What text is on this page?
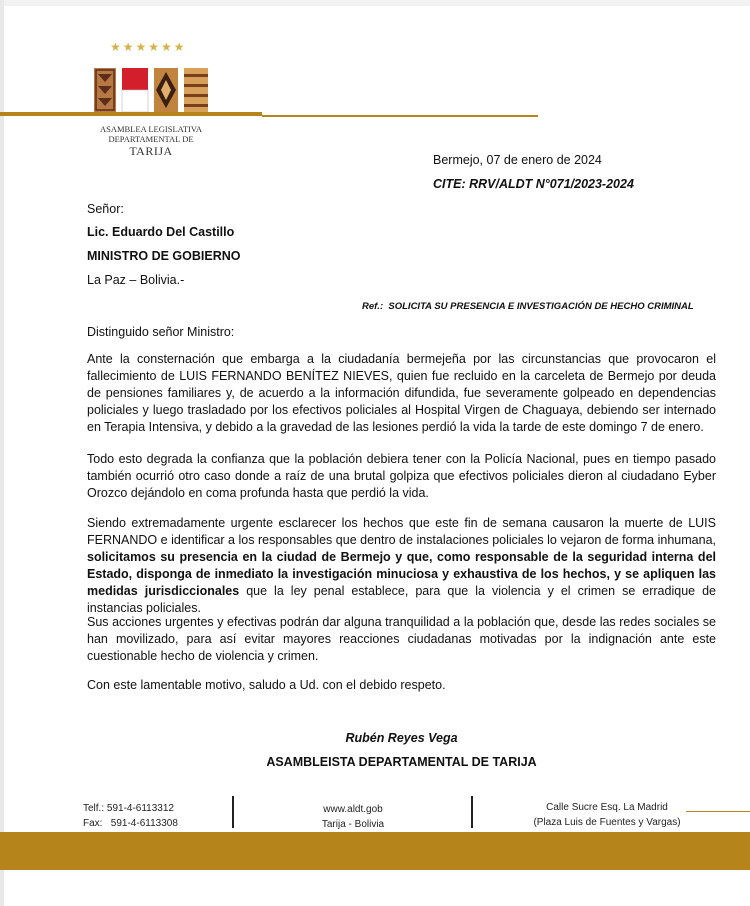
★★★★★★
ASAMBLEA LEGISLATIVA
DEPARTAMENTAL DE
TARIJA
Bermejo, 07 de enero de 2024
CITE: RRV/ALDT N°071/2023-2024
Señor:
Lic. Eduardo Del Castillo
MINISTRO DE GOBIERNO
La Paz – Bolivia.-
Ref.: SOLICITA SU PRESENCIA E INVESTIGACIÓN DE HECHO CRIMINAL
Distinguido señor Ministro:
Ante la consternación que embarga a la ciudadanía bermejeña por las circunstancias que provocaron el fallecimiento de LUIS FERNANDO BENÍTEZ NIEVES, quien fue recluido en la carceleta de Bermejo por deuda de pensiones familiares y, de acuerdo a la información difundida, fue severamente golpeado en dependencias policiales y luego trasladado por los efectivos policiales al Hospital Virgen de Chaguaya, debiendo ser internado en Terapia Intensiva, y debido a la gravedad de las lesiones perdió la vida la tarde de este domingo 7 de enero.
Todo esto degrada la confianza que la población debiera tener con la Policía Nacional, pues en tiempo pasado también ocurrió otro caso donde a raíz de una brutal golpiza que efectivos policiales dieron al ciudadano Eyber Orozco dejándolo en coma profunda hasta que perdió la vida.
Siendo extremadamente urgente esclarecer los hechos que este fin de semana causaron la muerte de LUIS FERNANDO e identificar a los responsables que dentro de instalaciones policiales lo vejaron de forma inhumana, solicitamos su presencia en la ciudad de Bermejo y que, como responsable de la seguridad interna del Estado, disponga de inmediato la investigación minuciosa y exhaustiva de los hechos, y se apliquen las medidas jurisdiccionales que la ley penal establece, para que la violencia y el crimen se erradique de instancias policiales.
Sus acciones urgentes y efectivas podrán dar alguna tranquilidad a la población que, desde las redes sociales se han movilizado, para así evitar mayores reacciones ciudadanas motivadas por la indignación ante este cuestionable hecho de violencia y crimen.
Con este lamentable motivo, saludo a Ud. con el debido respeto.
Rubén Reyes Vega
ASAMBLEISTA DEPARTAMENTAL DE TARIJA
Telf.: 591-4-6113312
Fax:   591-4-6113308
www.aldt.gob
Tarija - Bolivia
Calle Sucre Esq. La Madrid
(Plaza Luis de Fuentes y Vargas)
